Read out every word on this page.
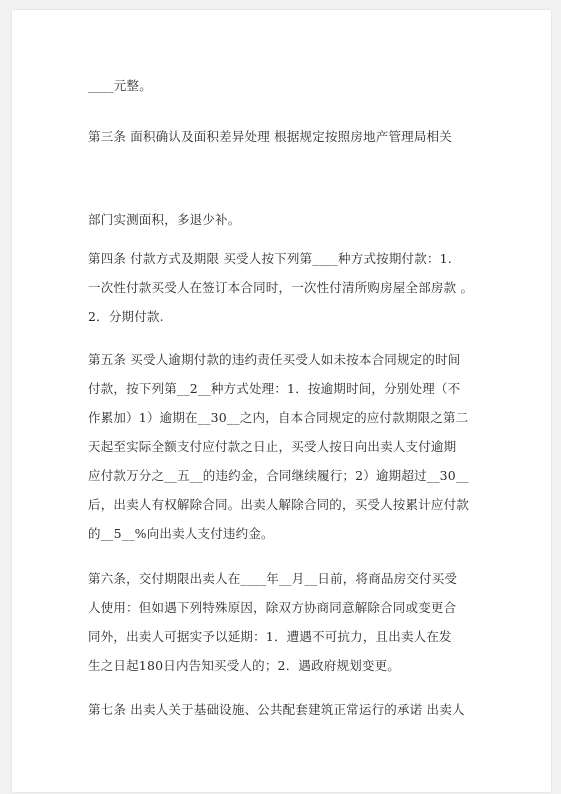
____元整。
第三条 面积确认及面积差异处理 根据规定按照房地产管理局相关
部门实测面积，多退少补。
第四条 付款方式及期限 买受人按下列第____种方式按期付款：1.
一次性付款买受人在签订本合同时，一次性付清所购房屋全部房款 。
2．分期付款.
第五条 买受人逾期付款的违约责任买受人如未按本合同规定的时间
付款，按下列第__2__种方式处理：1．按逾期时间，分别处理（不
作累加）1）逾期在__30__之内，自本合同规定的应付款期限之第二
天起至实际全额支付应付款之日止，买受人按日向出卖人支付逾期
应付款万分之__五__的违约金，合同继续履行；2）逾期超过__30__
后，出卖人有权解除合同。出卖人解除合同的，买受人按累计应付款
的__5__%向出卖人支付违约金。
第六条，交付期限出卖人在____年__月__日前，将商品房交付买受
人使用：但如遇下列特殊原因，除双方协商同意解除合同或变更合
同外，出卖人可据实予以延期：1．遭遇不可抗力，且出卖人在发
生之日起180日内告知买受人的；2．遇政府规划变更。
第七条 出卖人关于基础设施、公共配套建筑正常运行的承诺 出卖人
